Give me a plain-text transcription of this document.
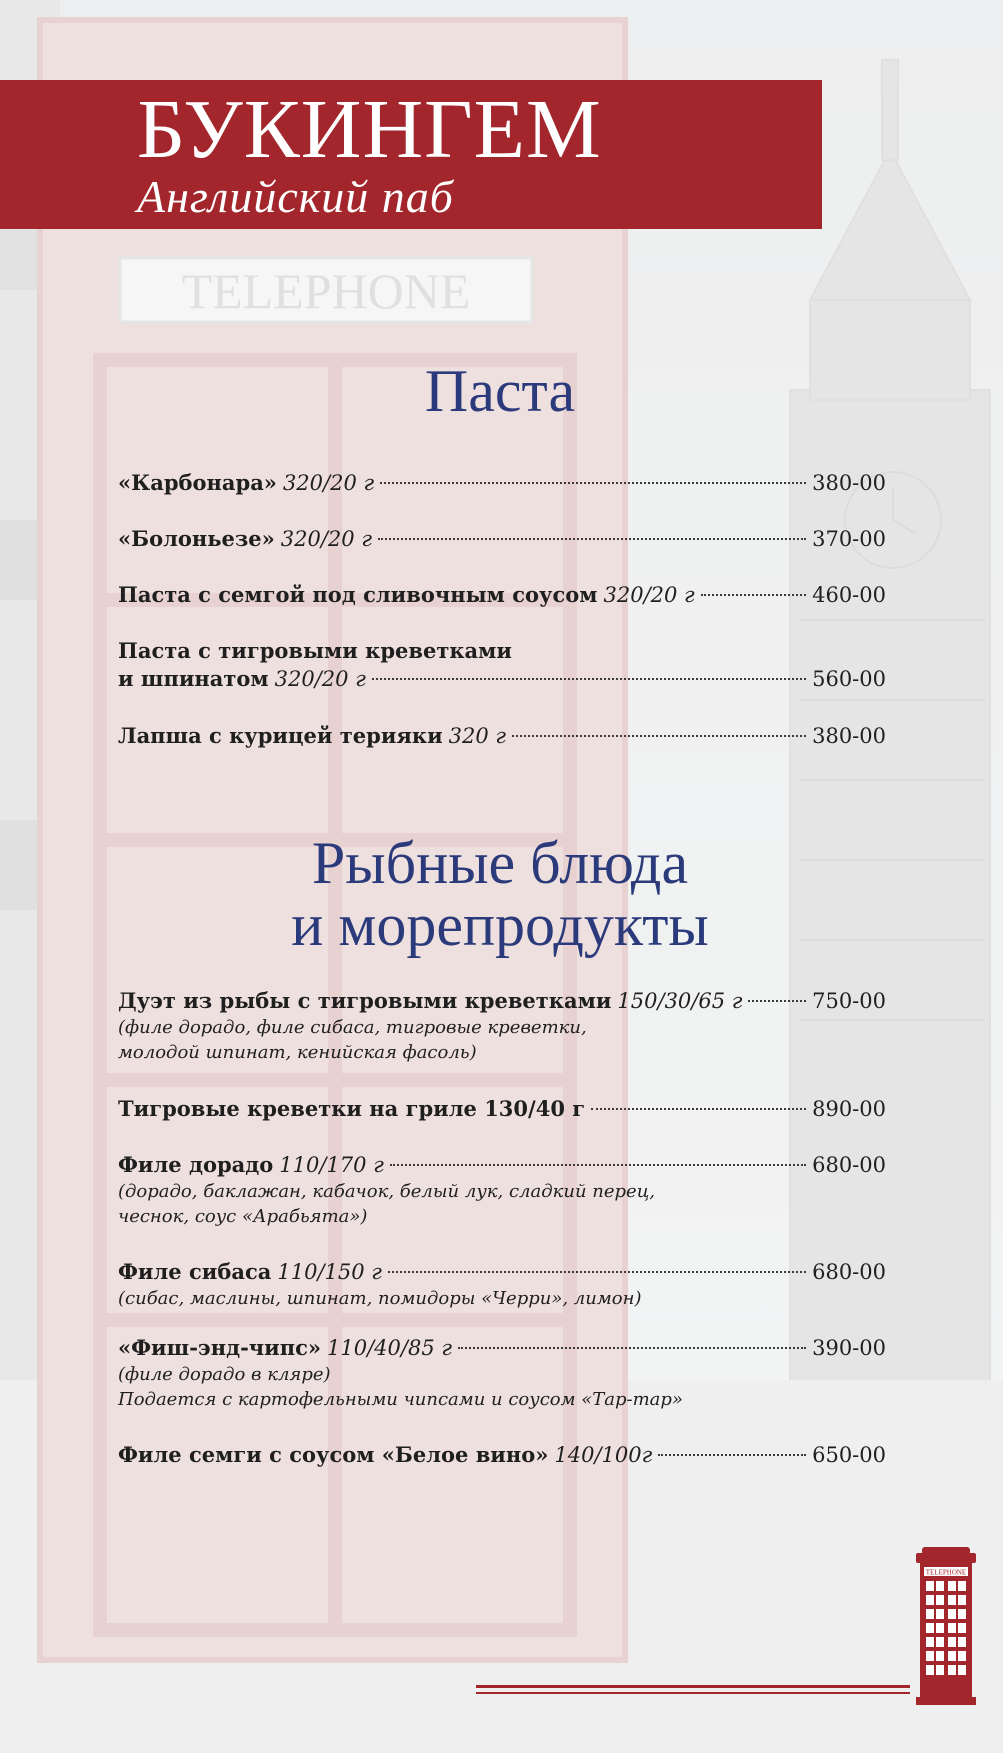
TELEPHONE
БУКИНГЕМ
Английский паб
Паста
«Карбонара» 320/20 г	380-00
«Болоньезе» 320/20 г	370-00
Паста с семгой под сливочным соусом 320/20 г	460-00
Паста с тигровыми креветками
и шпинатом 320/20 г	560-00
Лапша с курицей терияки 320 г	380-00
Рыбные блюда
и морепродукты
Дуэт из рыбы с тигровыми креветками 150/30/65 г	750-00
(филе дорадо, филе сибаса, тигровые креветки,
молодой шпинат, кенийская фасоль)
Тигровые креветки на гриле 130/40 г	890-00
Филе дорадо 110/170 г	680-00
(дорадо, баклажан, кабачок, белый лук, сладкий перец,
чеснок, соус «Арабьята»)
Филе сибаса 110/150 г	680-00
(сибас, маслины, шпинат, помидоры «Черри», лимон)
«Фиш-энд-чипс» 110/40/85 г	390-00
(филе дорадо в кляре)
Подается с картофельными чипсами и соусом «Тар-тар»
Филе семги с соусом «Белое вино» 140/100г	650-00
TELEPHONE
